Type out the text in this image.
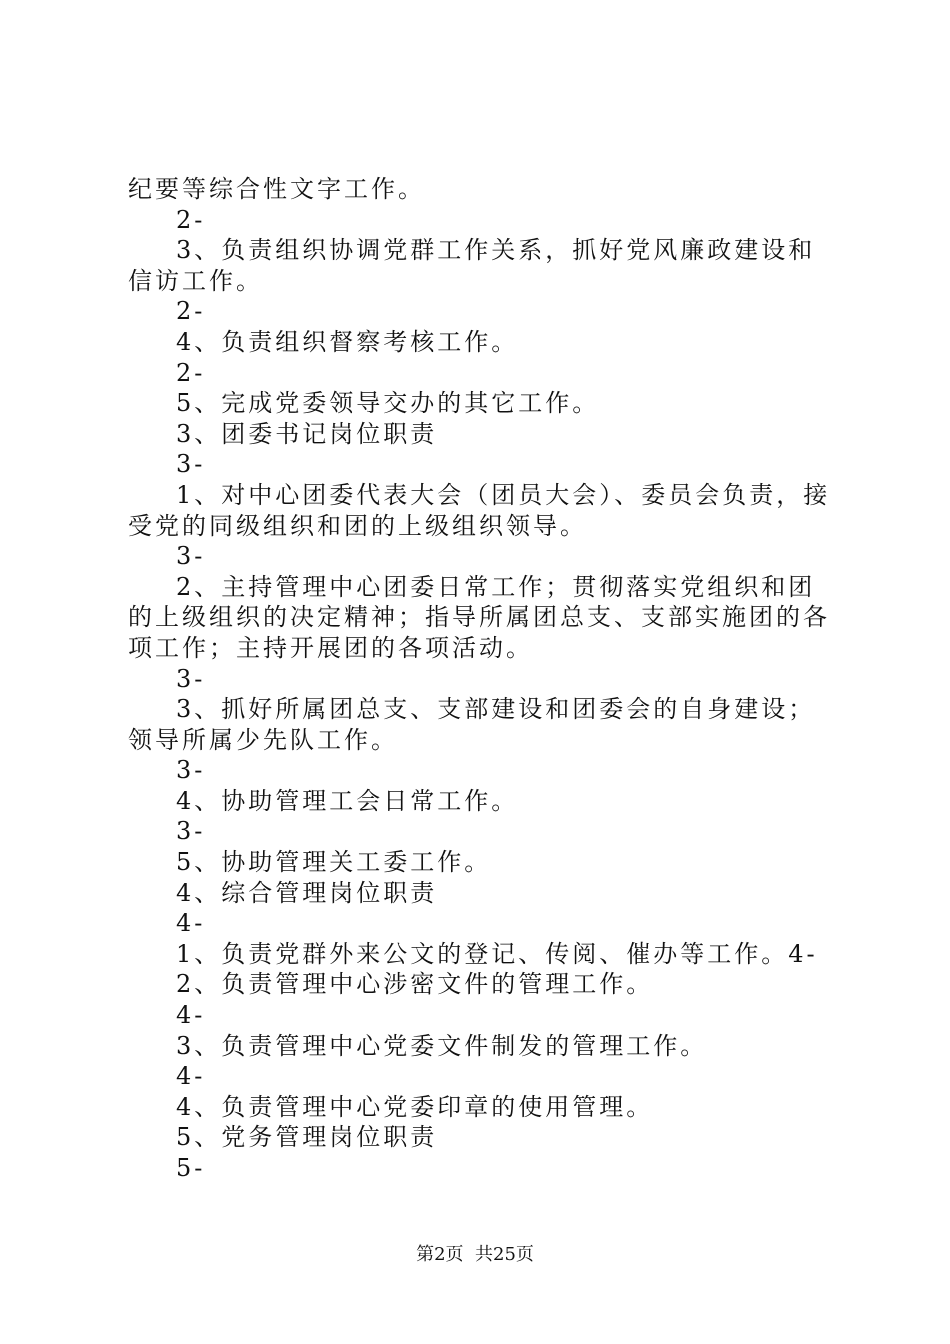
纪要等综合性文字工作。
2-
3、负责组织协调党群工作关系，抓好党风廉政建设和信访工作。
2-
4、负责组织督察考核工作。
2-
5、完成党委领导交办的其它工作。
3、团委书记岗位职责
3-
1、对中心团委代表大会（团员大会）、委员会负责，接受党的同级组织和团的上级组织领导。
3-
2、主持管理中心团委日常工作；贯彻落实党组织和团的上级组织的决定精神；指导所属团总支、支部实施团的各项工作；主持开展团的各项活动。
3-
3、抓好所属团总支、支部建设和团委会的自身建设；领导所属少先队工作。
3-
4、协助管理工会日常工作。
3-
5、协助管理关工委工作。
4、综合管理岗位职责
4-
1、负责党群外来公文的登记、传阅、催办等工作。4-
2、负责管理中心涉密文件的管理工作。
4-
3、负责管理中心党委文件制发的管理工作。
4-
4、负责管理中心党委印章的使用管理。
5、党务管理岗位职责
5-
第2页 共25页
